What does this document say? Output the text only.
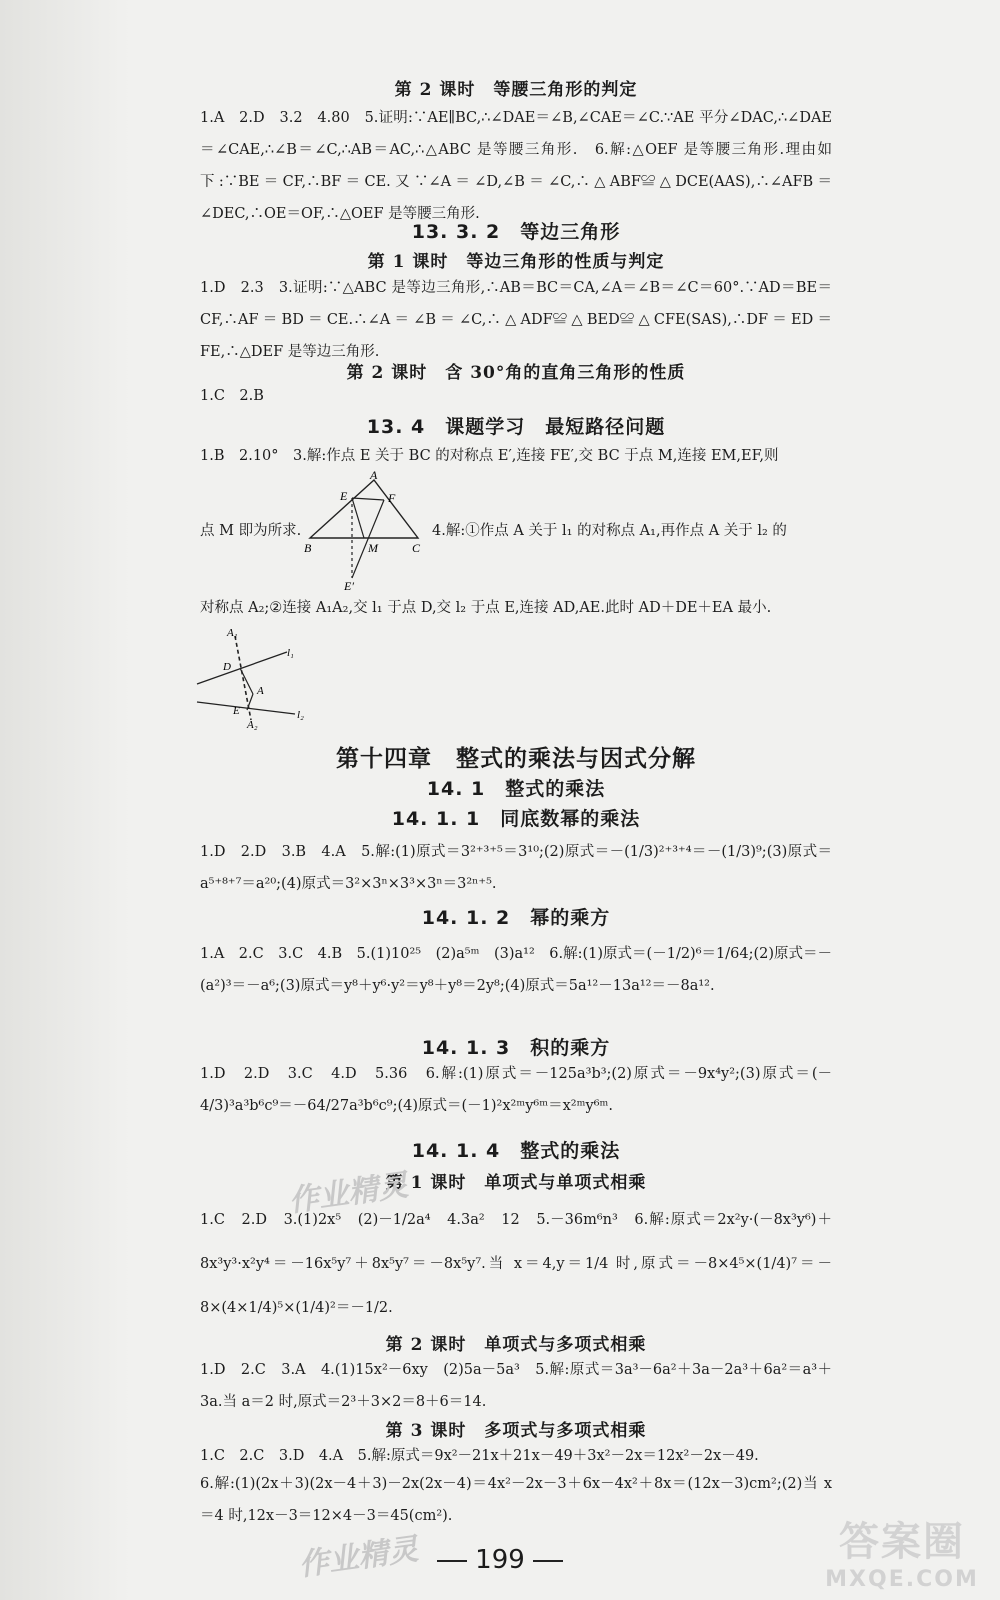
第 2 课时　等腰三角形的判定
1.A　2.D　3.2　4.80　5.证明:∵AE∥BC,∴∠DAE＝∠B,∠CAE＝∠C.∵AE 平分∠DAC,∴∠DAE＝∠CAE,∴∠B＝∠C,∴AB＝AC,∴△ABC 是等腰三角形.　6.解:△OEF 是等腰三角形.理由如下:∵BE＝CF,∴BF＝CE.又∵∠A＝∠D,∠B＝∠C,∴△ABF≌△DCE(AAS),∴∠AFB＝∠DEC,∴OE＝OF,∴△OEF 是等腰三角形.
13. 3. 2　等边三角形
第 1 课时　等边三角形的性质与判定
1.D　2.3　3.证明:∵△ABC 是等边三角形,∴AB＝BC＝CA,∠A＝∠B＝∠C＝60°.∵AD＝BE＝CF,∴AF＝BD＝CE.∴∠A＝∠B＝∠C,∴△ADF≌△BED≌△CFE(SAS),∴DF＝ED＝FE,∴△DEF 是等边三角形.
第 2 课时　含 30°角的直角三角形的性质
1.C　2.B
13. 4　课题学习　最短路径问题
1.B　2.10°　3.解:作点 E 关于 BC 的对称点 E′,连接 FE′,交 BC 于点 M,连接 EM,EF,则
A
E	F
B	M	C
E′
点 M 即为所求.	4.解:①作点 A 关于 l₁ 的对称点 A₁,再作点 A 关于 l₂ 的
对称点 A₂;②连接 A₁A₂,交 l₁ 于点 D,交 l₂ 于点 E,连接 AD,AE.此时 AD＋DE＋EA 最小.
A₁
D
l₁
A
E
A₂
l₂
第十四章　整式的乘法与因式分解
14. 1　整式的乘法
14. 1. 1　同底数幂的乘法
1.D　2.D　3.B　4.A　5.解:(1)原式＝3²⁺³⁺⁵＝3¹⁰;(2)原式＝－(1/3)²⁺³⁺⁴＝－(1/3)⁹;(3)原式＝a⁵⁺⁸⁺⁷＝a²⁰;(4)原式＝3²×3ⁿ×3³×3ⁿ＝3²ⁿ⁺⁵.
14. 1. 2　幂的乘方
1.A　2.C　3.C　4.B　5.(1)10²⁵　(2)a⁵ᵐ　(3)a¹²　6.解:(1)原式＝(－1/2)⁶＝1/64;(2)原式＝－(a²)³＝－a⁶;(3)原式＝y⁸＋y⁶·y²＝y⁸＋y⁸＝2y⁸;(4)原式＝5a¹²－13a¹²＝－8a¹².
14. 1. 3　积的乘方
1.D　2.D　3.C　4.D　5.36　6.解:(1)原式＝－125a³b³;(2)原式＝－9x⁴y²;(3)原式＝(－4/3)³a³b⁶c⁹＝－64/27a³b⁶c⁹;(4)原式＝(－1)²x²ᵐy⁶ᵐ＝x²ᵐy⁶ᵐ.
14. 1. 4　整式的乘法
第 1 课时　单项式与单项式相乘
1.C　2.D　3.(1)2x⁵　(2)－1/2a⁴　4.3a²　12　5.－36m⁶n³　6.解:原式＝2x²y·(－8x³y⁶)＋8x³y³·x²y⁴＝－16x⁵y⁷＋8x⁵y⁷＝－8x⁵y⁷.当 x＝4,y＝1/4 时,原式＝－8×4⁵×(1/4)⁷＝－8×(4×1/4)⁵×(1/4)²＝－1/2.
第 2 课时　单项式与多项式相乘
1.D　2.C　3.A　4.(1)15x²－6xy　(2)5a－5a³　5.解:原式＝3a³－6a²＋3a－2a³＋6a²＝a³＋3a.当 a＝2 时,原式＝2³＋3×2＝8＋6＝14.
第 3 课时　多项式与多项式相乘
1.C　2.C　3.D　4.A　5.解:原式＝9x²－21x＋21x－49＋3x²－2x＝12x²－2x－49.
6.解:(1)(2x＋3)(2x－4＋3)－2x(2x－4)＝4x²－2x－3＋6x－4x²＋8x＝(12x－3)cm²;(2)当 x＝4 时,12x－3＝12×4－3＝45(cm²).
作业精灵
作业精灵	199	答案圈
MXQE.COM
